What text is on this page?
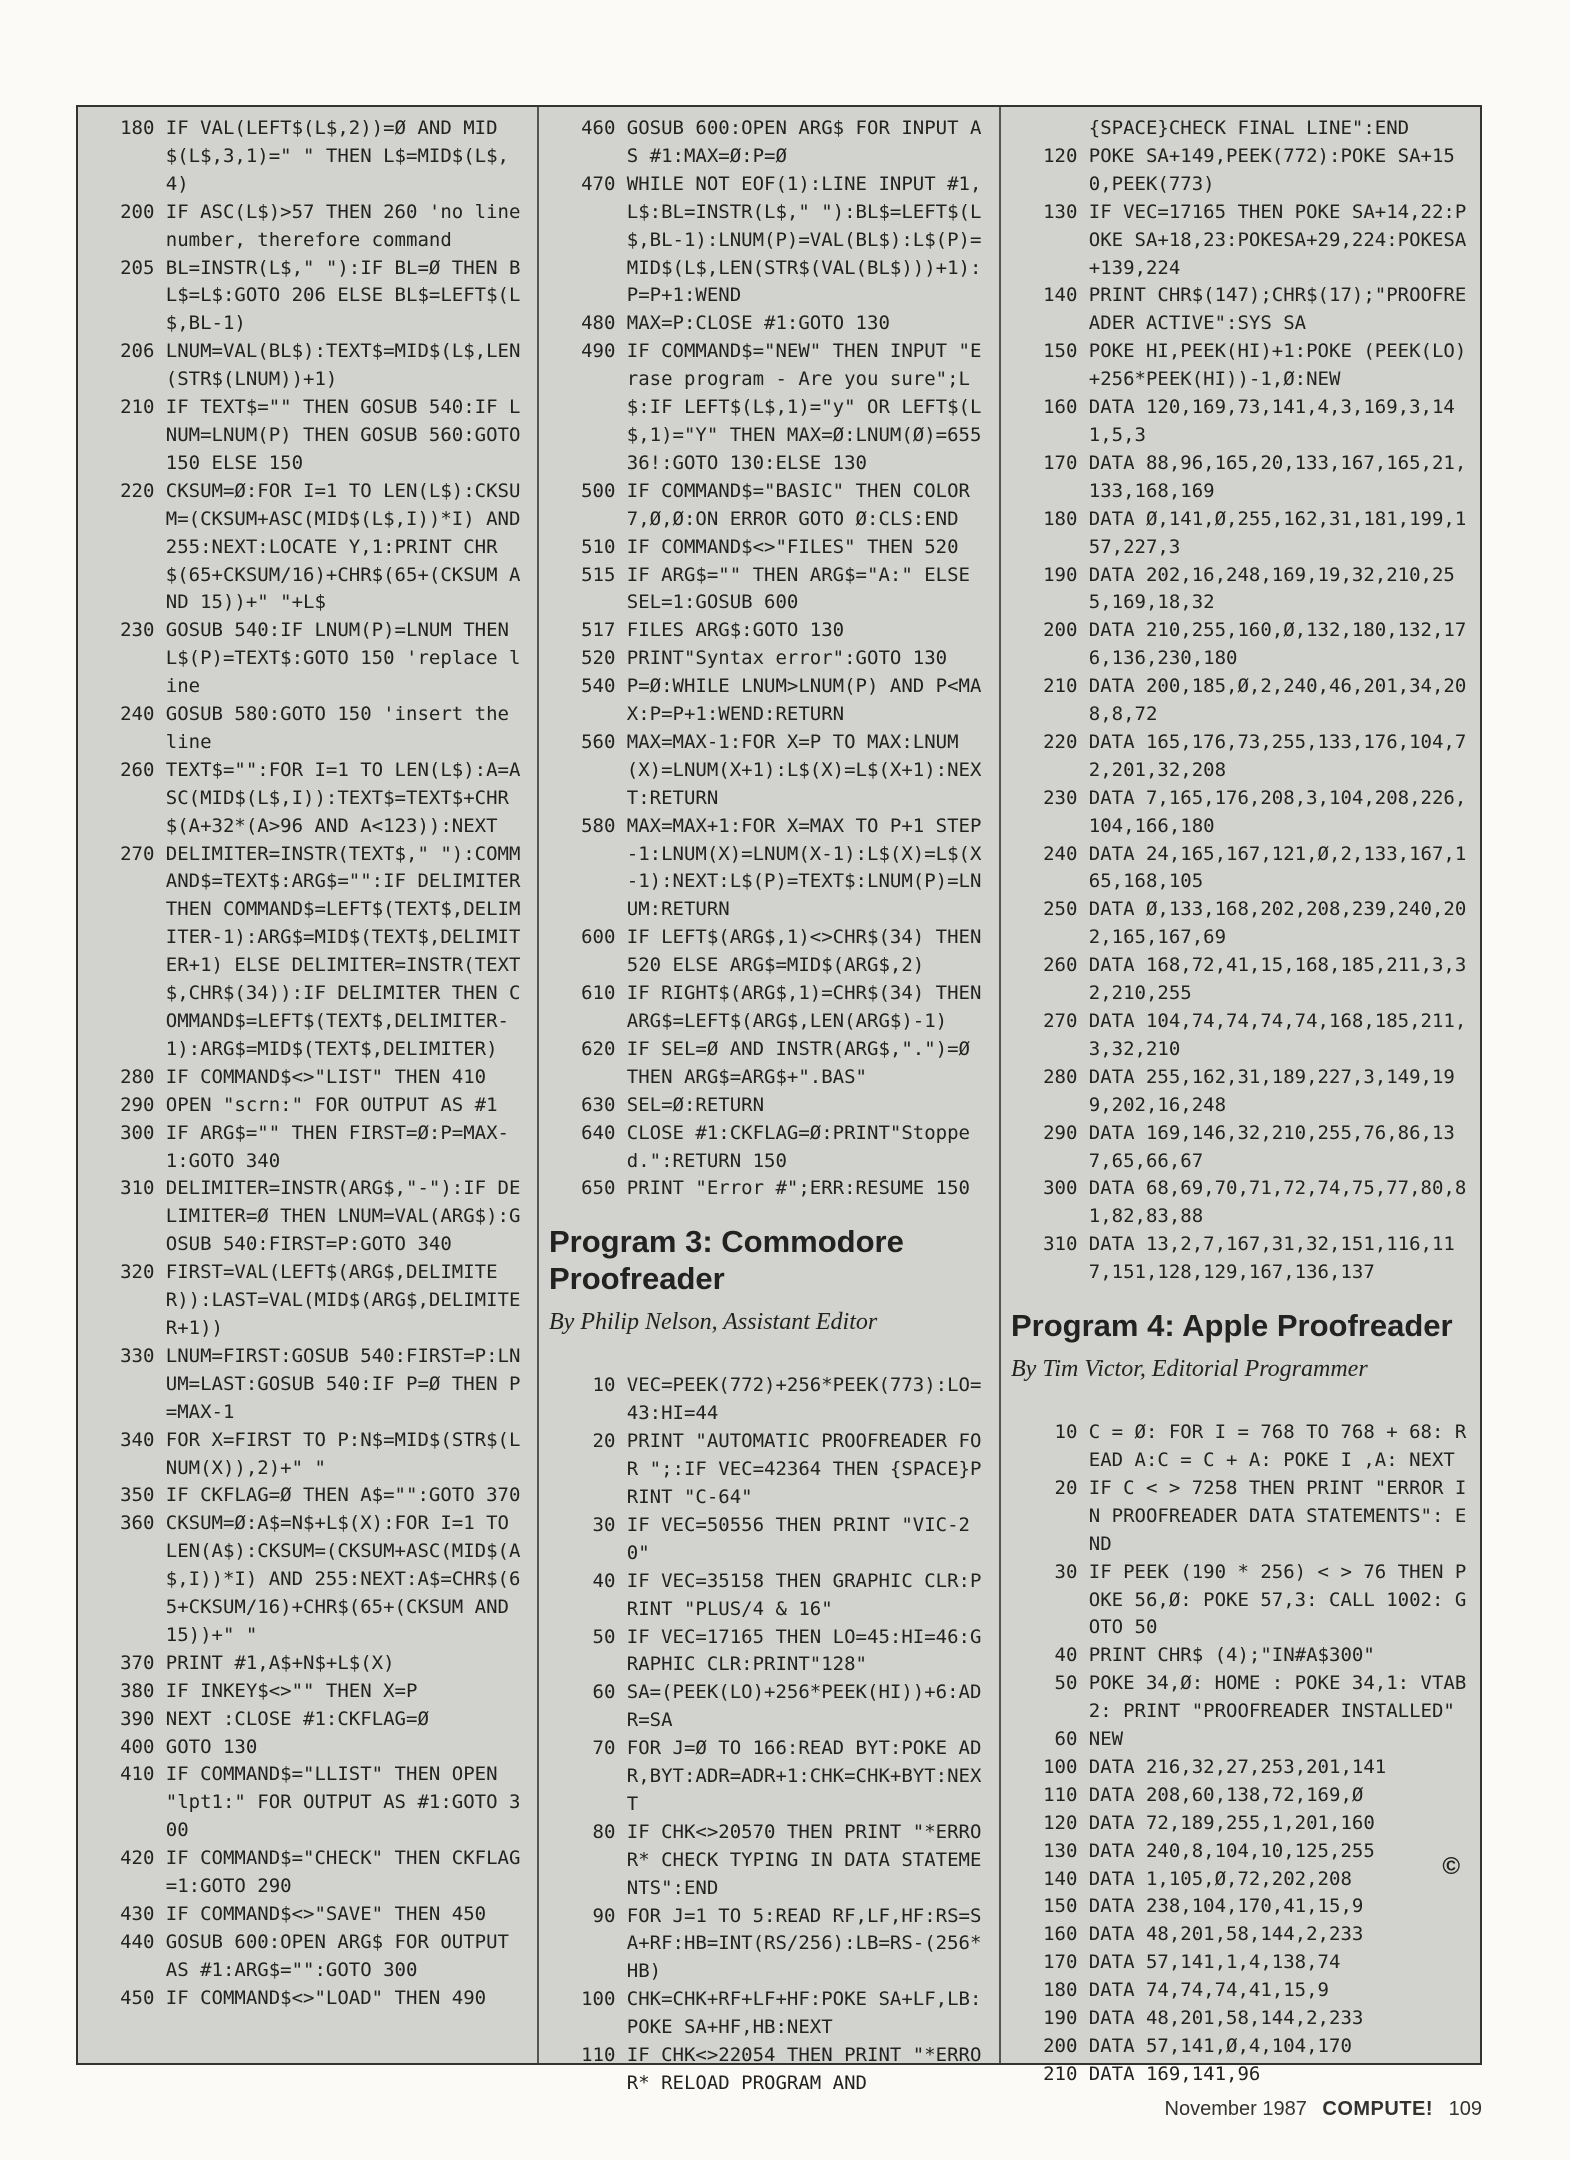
180 IF VAL(LEFT$(L$,2))=Ø AND MID$(L$,3,1)=" " THEN L$=MID$(L$,4)
200 IF ASC(L$)>57 THEN 260 'no line number, therefore command
205 BL=INSTR(L$," "):IF BL=Ø THEN BL$=L$:GOTO 206 ELSE BL$=LEFT$(L$,BL-1)
206 LNUM=VAL(BL$):TEXT$=MID$(L$,LEN(STR$(LNUM))+1)
210 IF TEXT$="" THEN GOSUB 540:IF LNUM=LNUM(P) THEN GOSUB 560:GOTO 150 ELSE 150
220 CKSUM=Ø:FOR I=1 TO LEN(L$):CKSUM=(CKSUM+ASC(MID$(L$,I))*I) AND 255:NEXT:LOCATE Y,1:PRINT CHR$(65+CKSUM/16)+CHR$(65+(CKSUM AND 15))+" "+L$
230 GOSUB 540:IF LNUM(P)=LNUM THEN L$(P)=TEXT$:GOTO 150 'replace line
240 GOSUB 580:GOTO 150 'insert the line
260 TEXT$="":FOR I=1 TO LEN(L$):A=ASC(MID$(L$,I)):TEXT$=TEXT$+CHR$(A+32*(A>96 AND A<123)):NEXT
270 DELIMITER=INSTR(TEXT$," "):COMMAND$=TEXT$:ARG$="":IF DELIMITER THEN COMMAND$=LEFT$(TEXT$,DELIMITER-1):ARG$=MID$(TEXT$,DELIMITER+1) ELSE DELIMITER=INSTR(TEXT$,CHR$(34)):IF DELIMITER THEN COMMAND$=LEFT$(TEXT$,DELIMITER-1):ARG$=MID$(TEXT$,DELIMITER)
280 IF COMMAND$<>"LIST" THEN 410
290 OPEN "scrn:" FOR OUTPUT AS #1
300 IF ARG$="" THEN FIRST=Ø:P=MAX-1:GOTO 340
310 DELIMITER=INSTR(ARG$,"-"):IF DELIMITER=Ø THEN LNUM=VAL(ARG$):GOSUB 540:FIRST=P:GOTO 340
320 FIRST=VAL(LEFT$(ARG$,DELIMITER)):LAST=VAL(MID$(ARG$,DELIMITER+1))
330 LNUM=FIRST:GOSUB 540:FIRST=P:LNUM=LAST:GOSUB 540:IF P=Ø THEN P=MAX-1
340 FOR X=FIRST TO P:N$=MID$(STR$(LNUM(X)),2)+" "
350 IF CKFLAG=Ø THEN A$="":GOTO 370
360 CKSUM=Ø:A$=N$+L$(X):FOR I=1 TO LEN(A$):CKSUM=(CKSUM+ASC(MID$(A$,I))*I) AND 255:NEXT:A$=CHR$(65+CKSUM/16)+CHR$(65+(CKSUM AND 15))+" "
370 PRINT #1,A$+N$+L$(X)
380 IF INKEY$<>"" THEN X=P
390 NEXT :CLOSE #1:CKFLAG=Ø
400 GOTO 130
410 IF COMMAND$="LLIST" THEN OPEN "lpt1:" FOR OUTPUT AS #1:GOTO 300
420 IF COMMAND$="CHECK" THEN CKFLAG=1:GOTO 290
430 IF COMMAND$<>"SAVE" THEN 450
440 GOSUB 600:OPEN ARG$ FOR OUTPUT AS #1:ARG$="":GOTO 300
450 IF COMMAND$<>"LOAD" THEN 490
460 GOSUB 600:OPEN ARG$ FOR INPUT AS #1:MAX=Ø:P=Ø
470 WHILE NOT EOF(1):LINE INPUT #1,L$:BL=INSTR(L$," "):BL$=LEFT$(L$,BL-1):LNUM(P)=VAL(BL$):L$(P)=MID$(L$,LEN(STR$(VAL(BL$)))+1):P=P+1:WEND
480 MAX=P:CLOSE #1:GOTO 130
490 IF COMMAND$="NEW" THEN INPUT "Erase program - Are you sure";L$:IF LEFT$(L$,1)="y" OR LEFT$(L$,1)="Y" THEN MAX=Ø:LNUM(Ø)=65536!:GOTO 130:ELSE 130
500 IF COMMAND$="BASIC" THEN COLOR 7,Ø,Ø:ON ERROR GOTO Ø:CLS:END
510 IF COMMAND$<>"FILES" THEN 520
515 IF ARG$="" THEN ARG$="A:" ELSE SEL=1:GOSUB 600
517 FILES ARG$:GOTO 130
520 PRINT"Syntax error":GOTO 130
540 P=Ø:WHILE LNUM>LNUM(P) AND P<MAX:P=P+1:WEND:RETURN
560 MAX=MAX-1:FOR X=P TO MAX:LNUM(X)=LNUM(X+1):L$(X)=L$(X+1):NEXT:RETURN
580 MAX=MAX+1:FOR X=MAX TO P+1 STEP -1:LNUM(X)=LNUM(X-1):L$(X)=L$(X-1):NEXT:L$(P)=TEXT$:LNUM(P)=LNUM:RETURN
600 IF LEFT$(ARG$,1)<>CHR$(34) THEN 520 ELSE ARG$=MID$(ARG$,2)
610 IF RIGHT$(ARG$,1)=CHR$(34) THEN ARG$=LEFT$(ARG$,LEN(ARG$)-1)
620 IF SEL=Ø AND INSTR(ARG$,".")=Ø THEN ARG$=ARG$+".BAS"
630 SEL=Ø:RETURN
640 CLOSE #1:CKFLAG=Ø:PRINT"Stopped.":RETURN 150
650 PRINT "Error #";ERR:RESUME 150
Program 3: Commodore Proofreader
By Philip Nelson, Assistant Editor
10 VEC=PEEK(772)+256*PEEK(773):LO=43:HI=44
20 PRINT "AUTOMATIC PROOFREADER FOR ";:IF VEC=42364 THEN {SPACE}PRINT "C-64"
30 IF VEC=50556 THEN PRINT "VIC-20"
40 IF VEC=35158 THEN GRAPHIC CLR:PRINT "PLUS/4 & 16"
50 IF VEC=17165 THEN LO=45:HI=46:GRAPHIC CLR:PRINT"128"
60 SA=(PEEK(LO)+256*PEEK(HI))+6:ADR=SA
70 FOR J=Ø TO 166:READ BYT:POKE ADR,BYT:ADR=ADR+1:CHK=CHK+BYT:NEXT
80 IF CHK<>20570 THEN PRINT "*ERROR* CHECK TYPING IN DATA STATEMENTS":END
90 FOR J=1 TO 5:READ RF,LF,HF:RS=SA+RF:HB=INT(RS/256):LB=RS-(256*HB)
100 CHK=CHK+RF+LF+HF:POKE SA+LF,LB:POKE SA+HF,HB:NEXT
110 IF CHK<>22054 THEN PRINT "*ERROR* RELOAD PROGRAM AND
{SPACE}CHECK FINAL LINE":END
120 POKE SA+149,PEEK(772):POKE SA+150,PEEK(773)
130 IF VEC=17165 THEN POKE SA+14,22:POKE SA+18,23:POKESA+29,224:POKESA+139,224
140 PRINT CHR$(147);CHR$(17);"PROOFREADER ACTIVE":SYS SA
150 POKE HI,PEEK(HI)+1:POKE (PEEK(LO)+256*PEEK(HI))-1,Ø:NEW
160 DATA 120,169,73,141,4,3,169,3,141,5,3
170 DATA 88,96,165,20,133,167,165,21,133,168,169
180 DATA Ø,141,Ø,255,162,31,181,199,157,227,3
190 DATA 202,16,248,169,19,32,210,255,169,18,32
200 DATA 210,255,160,Ø,132,180,132,176,136,230,180
210 DATA 200,185,Ø,2,240,46,201,34,208,8,72
220 DATA 165,176,73,255,133,176,104,72,201,32,208
230 DATA 7,165,176,208,3,104,208,226,104,166,180
240 DATA 24,165,167,121,Ø,2,133,167,165,168,105
250 DATA Ø,133,168,202,208,239,240,202,165,167,69
260 DATA 168,72,41,15,168,185,211,3,32,210,255
270 DATA 104,74,74,74,74,168,185,211,3,32,210
280 DATA 255,162,31,189,227,3,149,199,202,16,248
290 DATA 169,146,32,210,255,76,86,137,65,66,67
300 DATA 68,69,70,71,72,74,75,77,80,81,82,83,88
310 DATA 13,2,7,167,31,32,151,116,117,151,128,129,167,136,137
Program 4: Apple Proofreader
By Tim Victor, Editorial Programmer
10 C = Ø: FOR I = 768 TO 768 + 68: READ A:C = C + A: POKE I ,A: NEXT
20 IF C < > 7258 THEN PRINT "ERROR IN PROOFREADER DATA STATEMENTS": END
30 IF PEEK (190 * 256) < > 76 THEN POKE 56,Ø: POKE 57,3: CALL 1002: GOTO 50
40 PRINT CHR$ (4);"IN#A$300"
50 POKE 34,Ø: HOME : POKE 34,1: VTAB 2: PRINT "PROOFREADER INSTALLED"
60 NEW
100 DATA 216,32,27,253,201,141
110 DATA 208,60,138,72,169,Ø
120 DATA 72,189,255,1,201,160
130 DATA 240,8,104,10,125,255
140 DATA 1,105,Ø,72,202,208
150 DATA 238,104,170,41,15,9
160 DATA 48,201,58,144,2,233
170 DATA 57,141,1,4,138,74
180 DATA 74,74,74,41,15,9
190 DATA 48,201,58,144,2,233
200 DATA 57,141,Ø,4,104,170
210 DATA 169,141,96
©
November 1987 COMPUTE! 109
